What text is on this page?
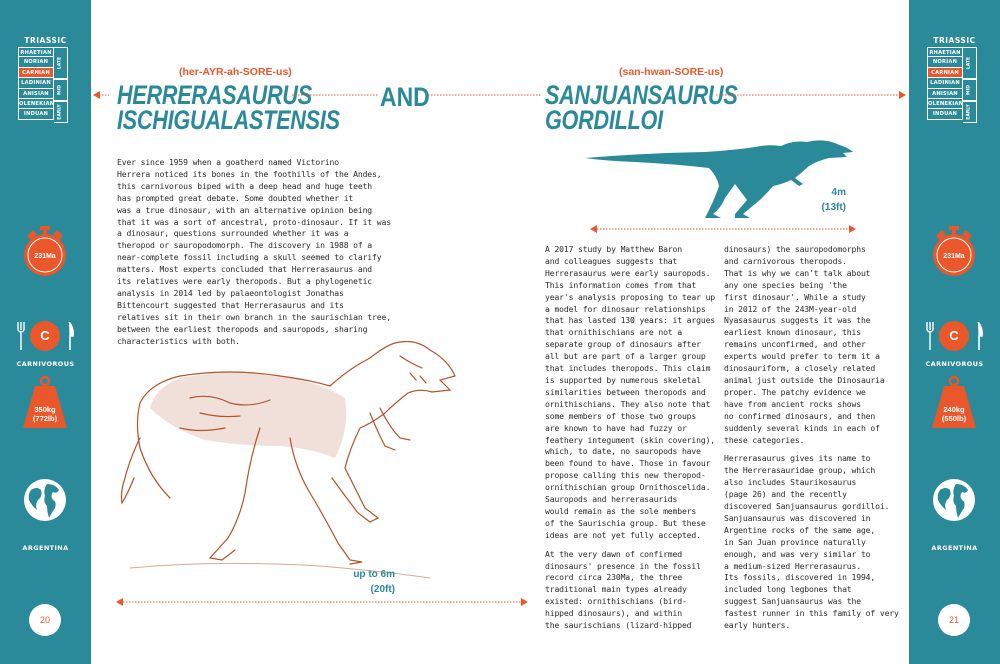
TRIASSIC
RHAETIAN
NORIAN
CARNIAN
LADINIAN
ANISIAN
OLENEKIAN
INDUAN
LATE
MID
EARLY
231Ma
C
CARNIVOROUS
350kg
(772lb)
ARGENTINA
20
TRIASSIC
RHAETIAN
NORIAN
CARNIAN
LADINIAN
ANISIAN
OLENEKIAN
INDUAN
LATE
MID
EARLY
231Ma
C
CARNIVOROUS
240kg
(550lb)
ARGENTINA
21
(her-AYR-ah-SORE-us)
HERRERASAURUS
ISCHIGUALASTENSIS
AND
(san-hwan-SORE-us)
SANJUANSAURUS
GORDILLOI
4m
(13ft)

Ever since 1959 when a goatherd named Victorino
Herrera noticed its bones in the foothills of the Andes,
this carnivorous biped with a deep head and huge teeth
has prompted great debate. Some doubted whether it
was a true dinosaur, with an alternative opinion being
that it was a sort of ancestral, proto-dinosaur. If it was
a dinosaur, questions surrounded whether it was a
theropod or sauropodomorph. The discovery in 1988 of a
near-complete fossil including a skull seemed to clarify
matters. Most experts concluded that Herrerasaurus and
its relatives were early theropods. But a phylogenetic
analysis in 2014 led by palaeontologist Jonathas
Bittencourt suggested that Herrerasaurus and its
relatives sit in their own branch in the saurischian tree,
between the earliest theropods and sauropods, sharing
characteristics with both.

up to 6m
(20ft)

A 2017 study by Matthew Baron
and colleagues suggests that
Herrerasaurus were early sauropods.
This information comes from that
year's analysis proposing to tear up
a model for dinosaur relationships
that has lasted 130 years: it argues
that ornithischians are not a
separate group of dinosaurs after
all but are part of a larger group
that includes theropods. This claim
is supported by numerous skeletal
similarities between theropods and
ornithischians. They also note that
some members of those two groups
are known to have had fuzzy or
feathery integument (skin covering),
which, to date, no sauropods have
been found to have. Those in favour
propose calling this new theropod-
ornithischian group Ornithoscelida.
Sauropods and herrerasaurids
would remain as the sole members
of the Saurischia group. But these
ideas are not yet fully accepted.

At the very dawn of confirmed
dinosaurs' presence in the fossil
record circa 230Ma, the three
traditional main types already
existed: ornithischians (bird-
hipped dinosaurs), and within
the saurischians (lizard-hipped

dinosaurs) the sauropodomorphs
and carnivorous theropods.
That is why we can't talk about
any one species being 'the
first dinosaur'. While a study
in 2012 of the 243M-year-old
Nyasasaurus suggests it was the
earliest known dinosaur, this
remains unconfirmed, and other
experts would prefer to term it a
dinosauriform, a closely related
animal just outside the Dinosauria
proper. The patchy evidence we
have from ancient rocks shows
no confirmed dinosaurs, and then
suddenly several kinds in each of
these categories.

Herrerasaurus gives its name to
the Herrerasauridae group, which
also includes Staurikosaurus
(page 26) and the recently
discovered Sanjuansaurus gordilloi.
Sanjuansaurus was discovered in
Argentine rocks of the same age,
in San Juan province naturally
enough, and was very similar to
a medium-sized Herrerasaurus.
Its fossils, discovered in 1994,
included long legbones that
suggest Sanjuansaurus was the
fastest runner in this family of very
early hunters.
